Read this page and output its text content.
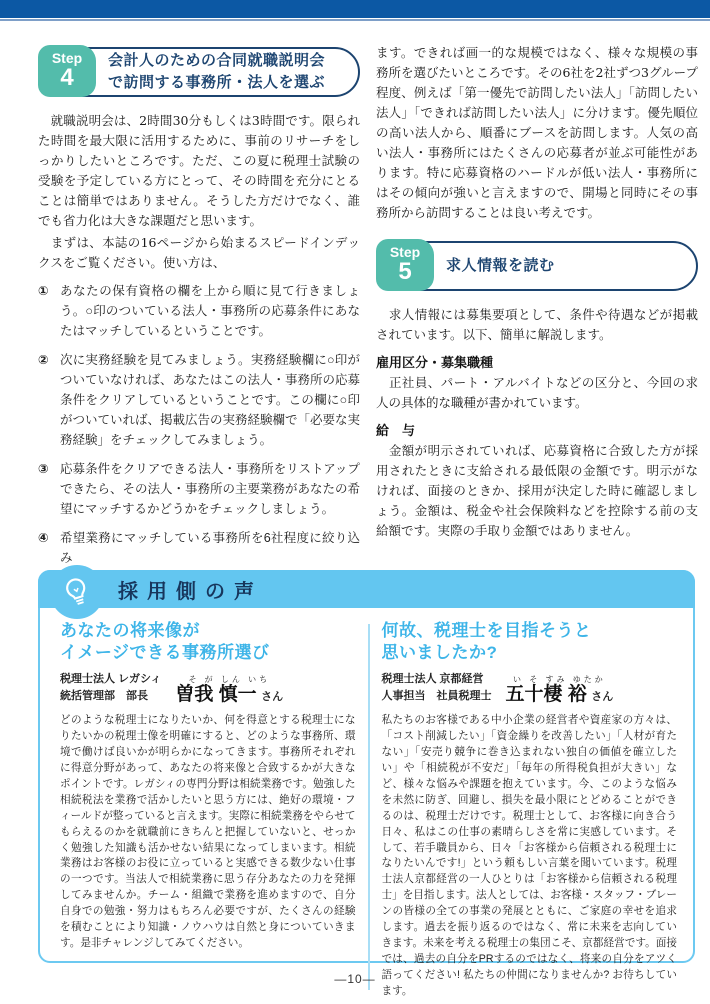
会計人のための合同就職説明会
で訪問する事務所・法人を選ぶ
Step
4

　就職説明会は、2時間30分もしくは3時間です。限られた時間を最大限に活用するために、事前のリサーチをしっかりしたいところです。ただ、この夏に税理士試験の受験を予定している方にとって、その時間を充分にとることは簡単ではありません。そうした方だけでなく、誰でも省力化は大きな課題だと思います。

　まずは、本誌の16ページから始まるスピードインデックスをご覧ください。使い方は、

① あなたの保有資格の欄を上から順に見て行きましょう。○印のついている法人・事務所の応募条件にあなたはマッチしているということです。
② 次に実務経験を見てみましょう。実務経験欄に○印がついていなければ、あなたはこの法人・事務所の応募条件をクリアしているということです。この欄に○印がついていれば、掲載広告の実務経験欄で「必要な実務経験」をチェックしてみましょう。
③ 応募条件をクリアできる法人・事務所をリストアップできたら、その法人・事務所の主要業務があなたの希望にマッチするかどうかをチェックしましょう。
④ 希望業務にマッチしている事務所を6社程度に絞り込み

ます。できれば画一的な規模ではなく、様々な規模の事務所を選びたいところです。その6社を2社ずつ3グループ程度、例えば「第一優先で訪問したい法人」「訪問したい法人」「できれば訪問したい法人」に分けます。優先順位の高い法人から、順番にブースを訪問します。人気の高い法人・事務所にはたくさんの応募者が並ぶ可能性があります。特に応募資格のハードルが低い法人・事務所にはその傾向が強いと言えますので、開場と同時にその事務所から訪問することは良い考えです。

求人情報を読む
Step
5

　求人情報には募集要項として、条件や待遇などが掲載されています。以下、簡単に解説します。

雇用区分・募集職種

　正社員、パート・アルバイトなどの区分と、今回の求人の具体的な職種が書かれています。

給　与

　金額が明示されていれば、応募資格に合致した方が採用されたときに支給される最低限の金額です。明示がなければ、面接のときか、採用が決定した時に確認しましょう。金額は、税金や社会保険料などを控除する前の支給額です。実際の手取り金額ではありません。

採用側の声
あなたの将来像が
イメージできる事務所選び
税理士法人 レガシィ
統括管理部　部長
そ が しん いち
曽我 慎一 さん

どのような税理士になりたいか、何を得意とする税理士になりたいかの税理士像を明確にすると、どのような事務所、環境で働けば良いかが明らかになってきます。事務所それぞれに得意分野があって、あなたの将来像と合致するかが大きなポイントです。レガシィの専門分野は相続業務です。勉強した相続税法を業務で活かしたいと思う方には、絶好の環境・フィールドが整っていると言えます。実際に相続業務をやらせてもらえるのかを就職前にきちんと把握していないと、せっかく勉強した知識も活かせない結果になってしまいます。相続業務はお客様のお役に立っていると実感できる数少ない仕事の一つです。当法人で相続業務に思う存分あなたの力を発揮してみませんか。チーム・組織で業務を進めますので、自分自身での勉強・努力はもちろん必要ですが、たくさんの経験を積むことにより知識・ノウハウは自然と身についていきます。是非チャレンジしてみてください。

何故、税理士を目指そうと
思いましたか?
税理士法人 京都経営
人事担当　社員税理士
い そ すみ ゆたか
五十棲 裕 さん

私たちのお客様である中小企業の経営者や資産家の方々は、「コスト削減したい」「資金繰りを改善したい」「人材が育たない」「安売り競争に巻き込まれない独自の価値を確立したい」や「相続税が不安だ」「毎年の所得税負担が大きい」など、様々な悩みや課題を抱えています。今、このような悩みを未然に防ぎ、回避し、損失を最小限にとどめることができるのは、税理士だけです。税理士として、お客様に向き合う日々、私はこの仕事の素晴らしさを常に実感しています。そして、若手職員から、日々「お客様から信頼される税理士になりたいんです!」という頼もしい言葉を聞いています。税理士法人京都経営の一人ひとりは「お客様から信頼される税理士」を目指します。法人としては、お客様・スタッフ・ブレーンの皆様の全ての事業の発展とともに、ご家庭の幸せを追求します。過去を振り返るのではなく、常に未来を志向していきます。未来を考える税理士の集団こそ、京都経営です。面接では、過去の自分をPRするのではなく、将来の自分をアツく語ってください! 私たちの仲間になりませんか? お待ちしています。

—10—
